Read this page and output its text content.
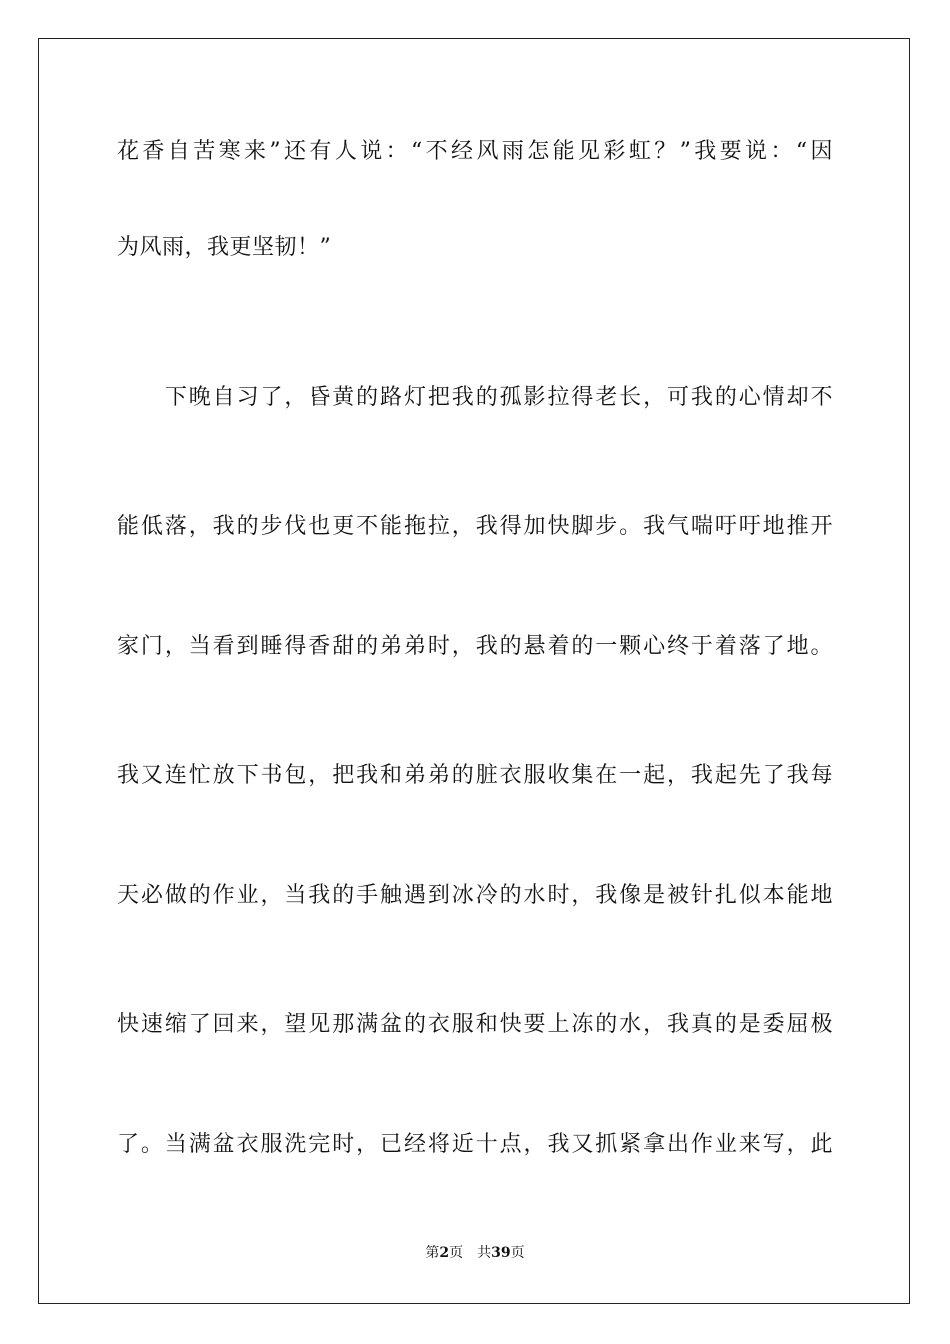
花香自苦寒来”还有人说：“不经风雨怎能见彩虹？”我要说：“因
为风雨，我更坚韧！”
　　下晚自习了，昏黄的路灯把我的孤影拉得老长，可我的心情却不
能低落，我的步伐也更不能拖拉，我得加快脚步。我气喘吁吁地推开
家门，当看到睡得香甜的弟弟时，我的悬着的一颗心终于着落了地。
我又连忙放下书包，把我和弟弟的脏衣服收集在一起，我起先了我每
天必做的作业，当我的手触遇到冰冷的水时，我像是被针扎似本能地
快速缩了回来，望见那满盆的衣服和快要上冻的水，我真的是委屈极
了。当满盆衣服洗完时，已经将近十点，我又抓紧拿出作业来写，此
第2页 共39页
